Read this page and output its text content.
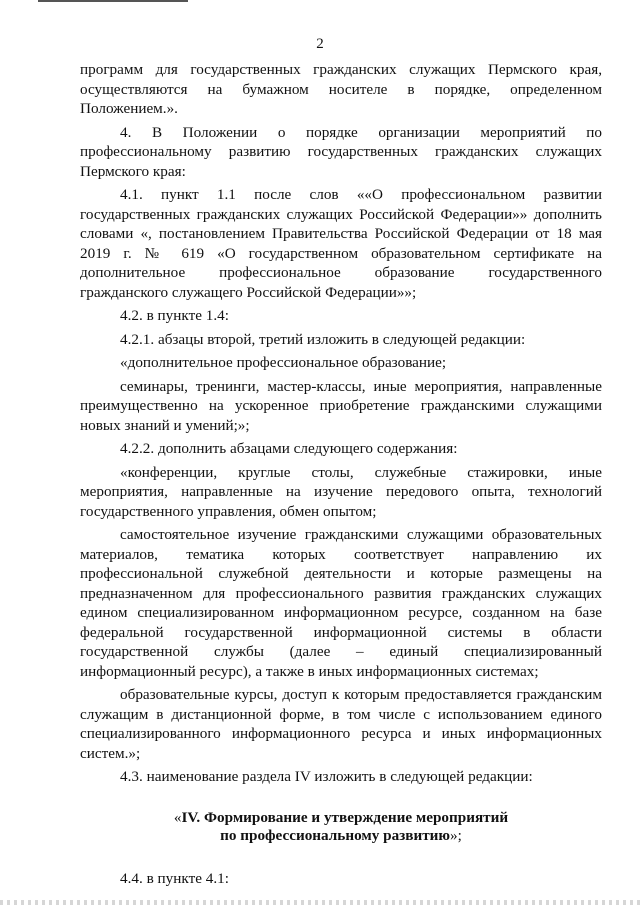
2

программ для государственных гражданских служащих Пермского края, осуществляются на бумажном носителе в порядке, определенном Положением.».

4. В Положении о порядке организации мероприятий по профессиональному развитию государственных гражданских служащих Пермского края:

4.1. пункт 1.1 после слов ««О профессиональном развитии государственных гражданских служащих Российской Федерации»» дополнить словами «, постановлением Правительства Российской Федерации от 18 мая 2019 г. № 619 «О государственном образовательном сертификате на дополнительное профессиональное образование государственного гражданского служащего Российской Федерации»»;

4.2. в пункте 1.4:

4.2.1. абзацы второй, третий изложить в следующей редакции:

«дополнительное профессиональное образование;

семинары, тренинги, мастер-классы, иные мероприятия, направленные преимущественно на ускоренное приобретение гражданскими служащими новых знаний и умений;»;

4.2.2. дополнить абзацами следующего содержания:

«конференции, круглые столы, служебные стажировки, иные мероприятия, направленные на изучение передового опыта, технологий государственного управления, обмен опытом;

самостоятельное изучение гражданскими служащими образовательных материалов, тематика которых соответствует направлению их профессиональной служебной деятельности и которые размещены на предназначенном для профессионального развития гражданских служащих едином специализированном информационном ресурсе, созданном на базе федеральной государственной информационной системы в области государственной службы (далее – единый специализированный информационный ресурс), а также в иных информационных системах;

образовательные курсы, доступ к которым предоставляется гражданским служащим в дистанционной форме, в том числе с использованием единого специализированного информационного ресурса и иных информационных систем.»;

4.3. наименование раздела IV изложить в следующей редакции:

«IV. Формирование и утверждение мероприятий
по профессиональному развитию»;

4.4. в пункте 4.1:
